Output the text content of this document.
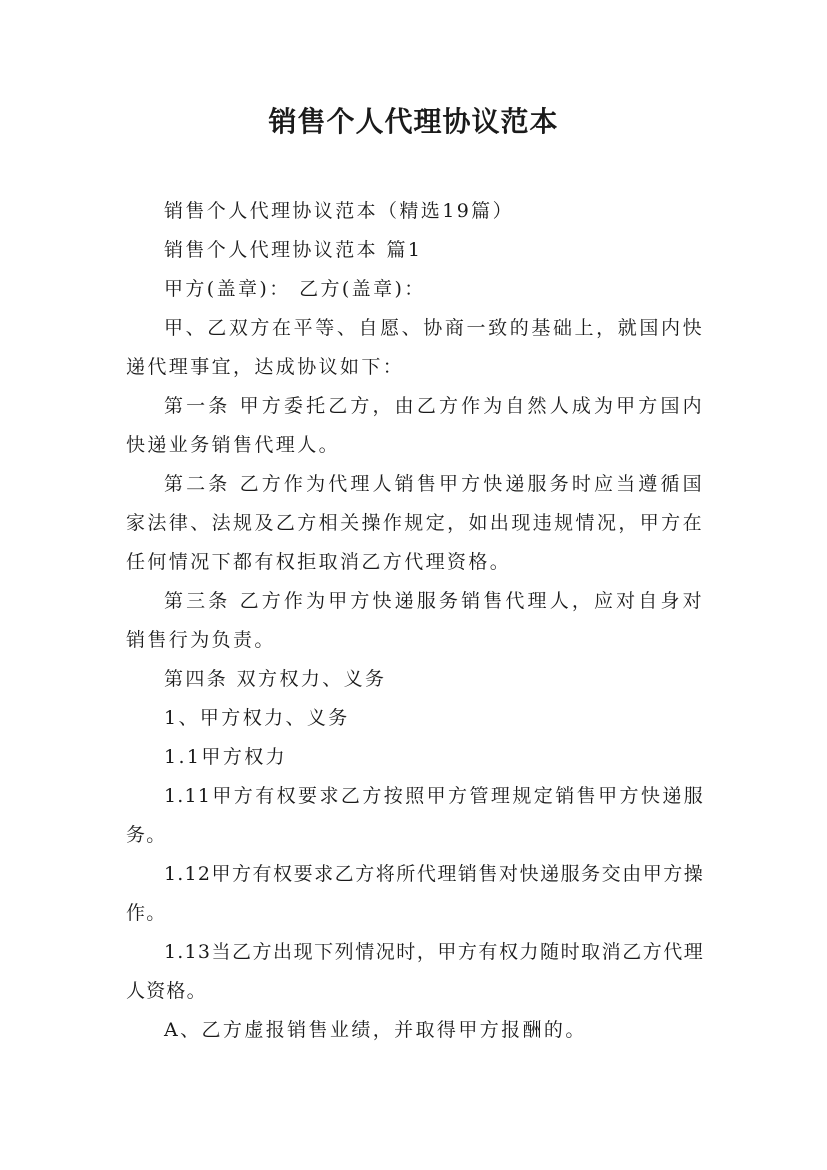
销售个人代理协议范本

销售个人代理协议范本（精选19篇）

销售个人代理协议范本 篇1

甲方(盖章)： 乙方(盖章)：

甲、乙双方在平等、自愿、协商一致的基础上，就国内快递代理事宜，达成协议如下：

第一条 甲方委托乙方，由乙方作为自然人成为甲方国内快递业务销售代理人。

第二条 乙方作为代理人销售甲方快递服务时应当遵循国家法律、法规及乙方相关操作规定，如出现违规情况，甲方在任何情况下都有权拒取消乙方代理资格。

第三条 乙方作为甲方快递服务销售代理人，应对自身对销售行为负责。

第四条 双方权力、义务

1、甲方权力、义务

1.1甲方权力

1.11甲方有权要求乙方按照甲方管理规定销售甲方快递服务。

1.12甲方有权要求乙方将所代理销售对快递服务交由甲方操作。

1.13当乙方出现下列情况时，甲方有权力随时取消乙方代理人资格。

A、乙方虚报销售业绩，并取得甲方报酬的。
